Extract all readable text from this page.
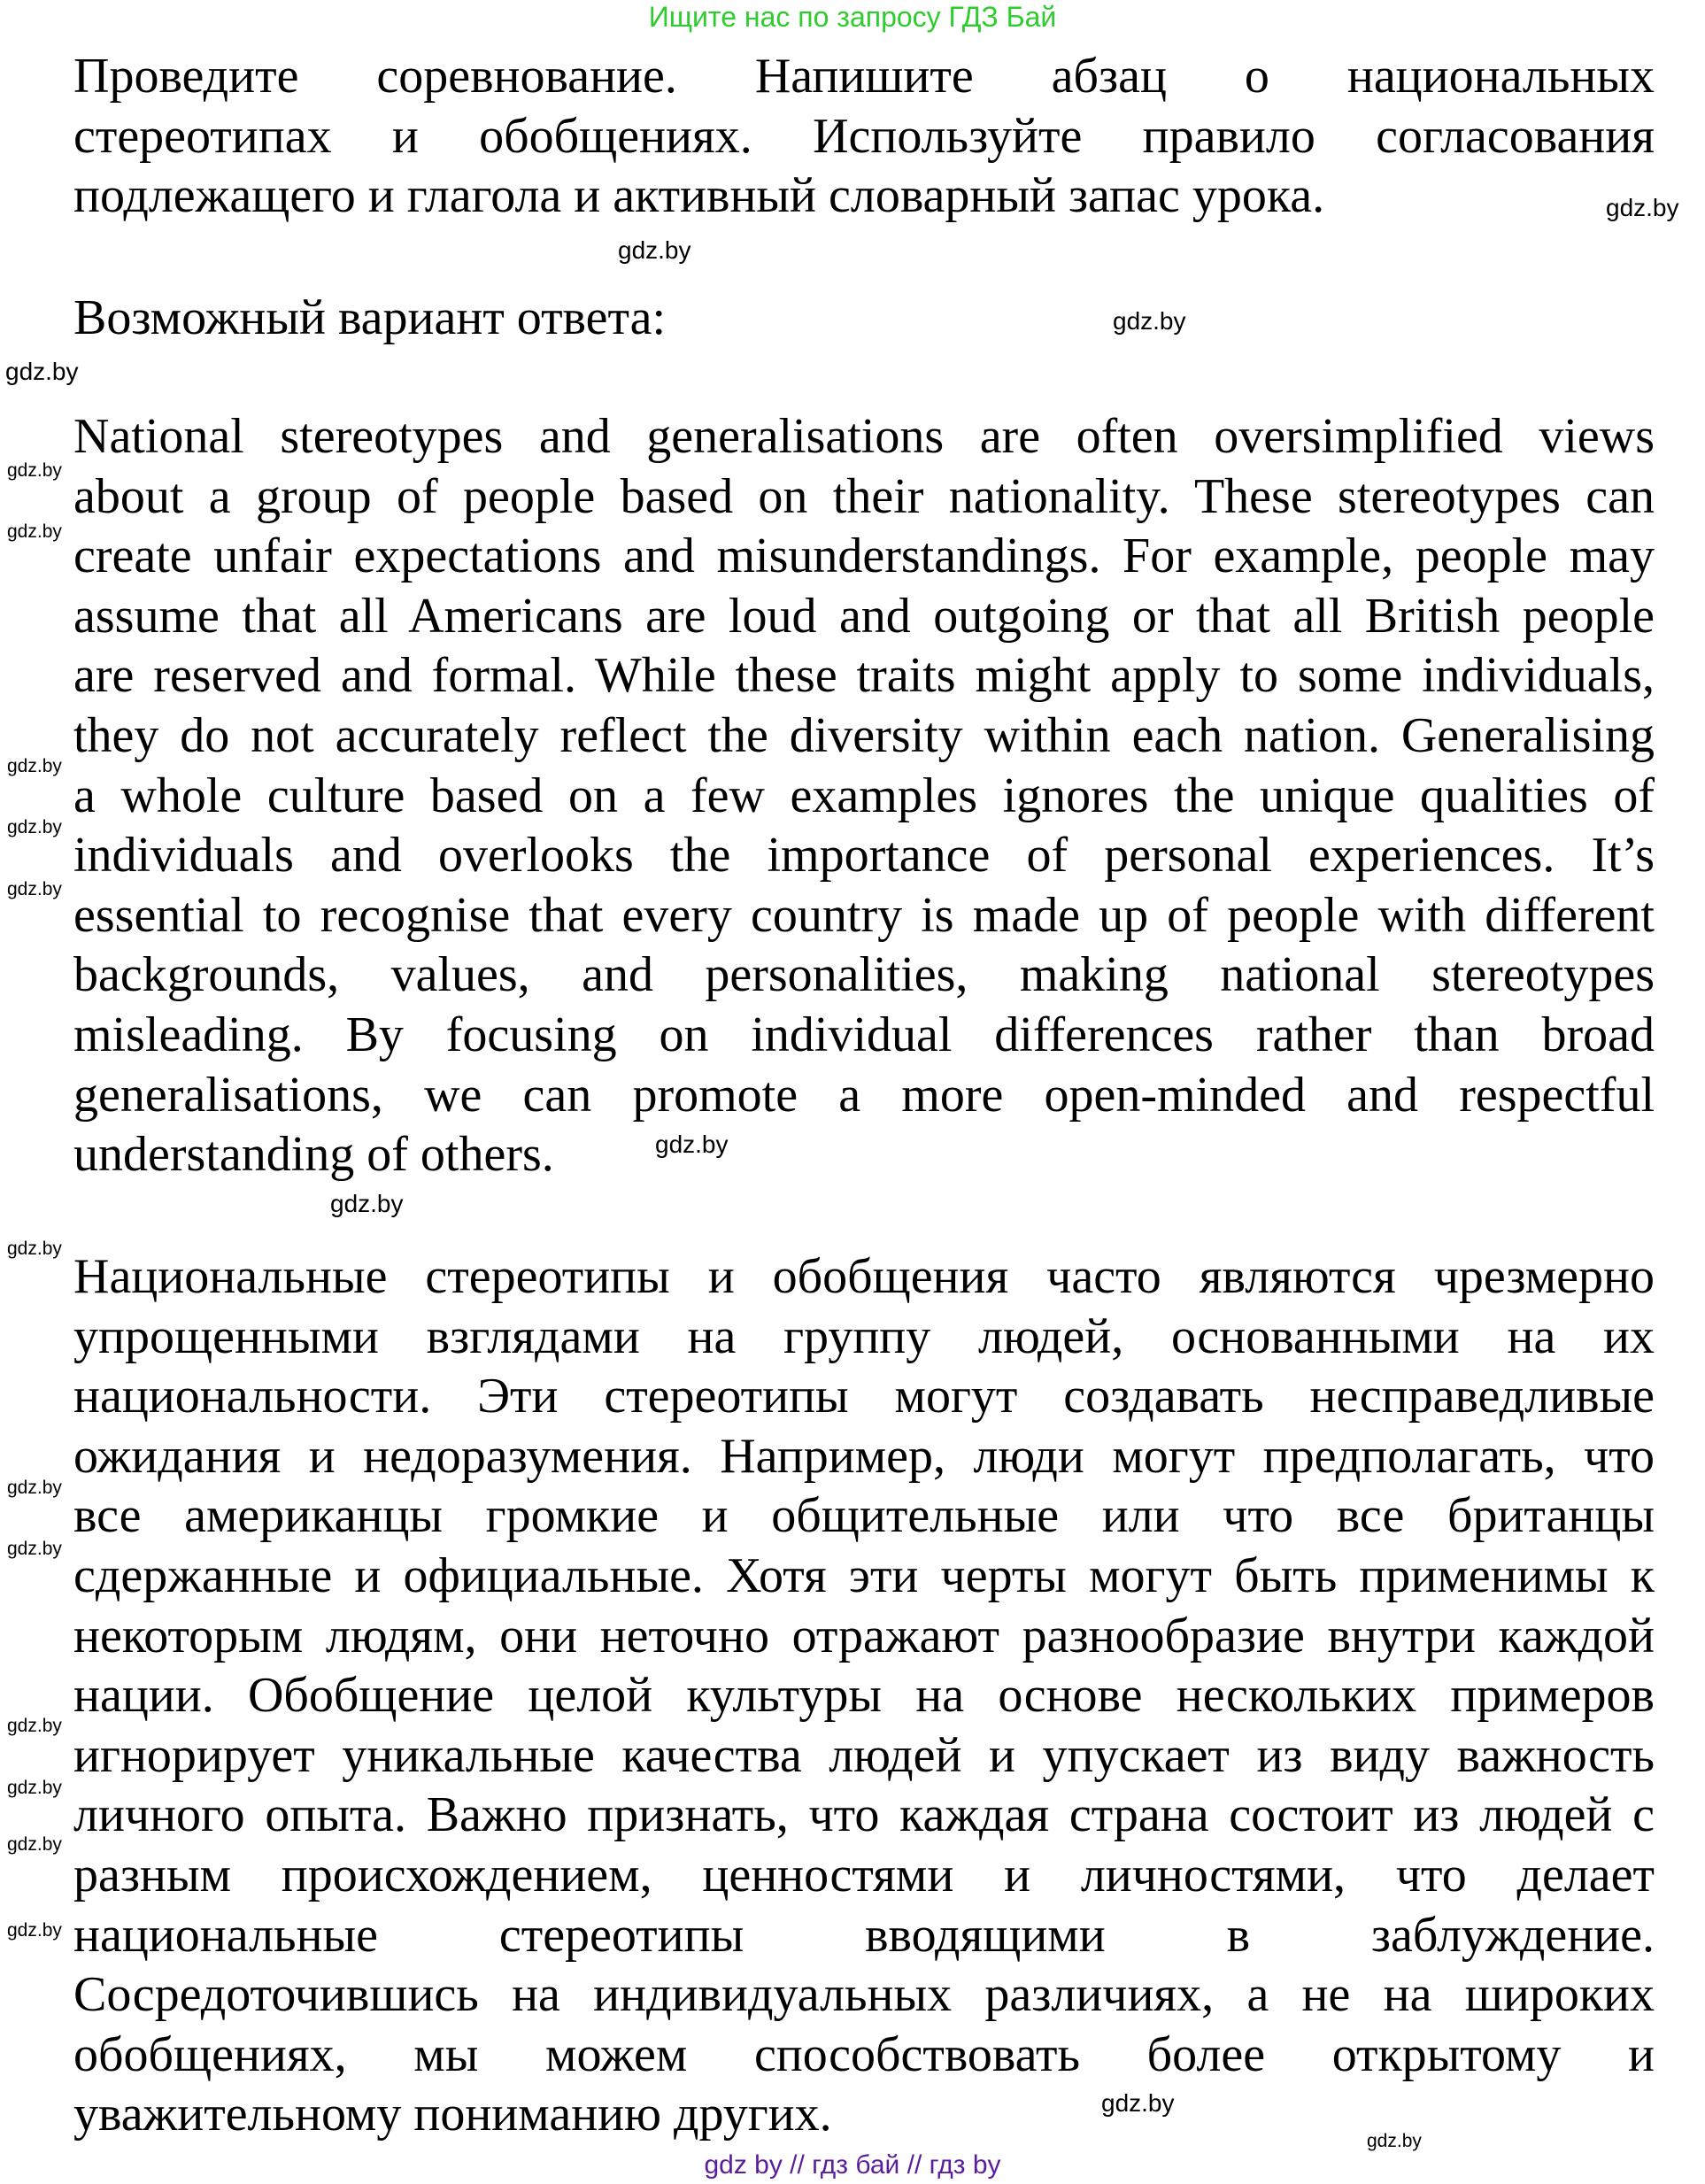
Ищите нас по запросу ГДЗ Бай
Проведите соревнование. Напишите абзац о национальных
стереотипах и обобщениях. Используйте правило согласования
подлежащего и глагола и активный словарный запас урока.
Возможный вариант ответа:
National stereotypes and generalisations are often oversimplified views
about a group of people based on their nationality. These stereotypes can
create unfair expectations and misunderstandings. For example, people may
assume that all Americans are loud and outgoing or that all British people
are reserved and formal. While these traits might apply to some individuals,
they do not accurately reflect the diversity within each nation. Generalising
a whole culture based on a few examples ignores the unique qualities of
individuals and overlooks the importance of personal experiences. It’s
essential to recognise that every country is made up of people with different
backgrounds, values, and personalities, making national stereotypes
misleading. By focusing on individual differences rather than broad
generalisations, we can promote a more open-minded and respectful
understanding of others.
Национальные стереотипы и обобщения часто являются чрезмерно
упрощенными взглядами на группу людей, основанными на их
национальности. Эти стереотипы могут создавать несправедливые
ожидания и недоразумения. Например, люди могут предполагать, что
все американцы громкие и общительные или что все британцы
сдержанные и официальные. Хотя эти черты могут быть применимы к
некоторым людям, они неточно отражают разнообразие внутри каждой
нации. Обобщение целой культуры на основе нескольких примеров
игнорирует уникальные качества людей и упускает из виду важность
личного опыта. Важно признать, что каждая страна состоит из людей с
разным происхождением, ценностями и личностями, что делает
национальные стереотипы вводящими в заблуждение.
Сосредоточившись на индивидуальных различиях, а не на широких
обобщениях, мы можем способствовать более открытому и
уважительному пониманию других.
gdz.by
gdz.by
gdz.by
gdz.by
gdz.by
gdz.by
gdz.by
gdz.by
gdz.by
gdz.by
gdz.by
gdz.by
gdz.by
gdz.by
gdz.by
gdz.by
gdz.by
gdz.by
gdz.by
gdz.by
gdz by // гдз бай // гдз by
